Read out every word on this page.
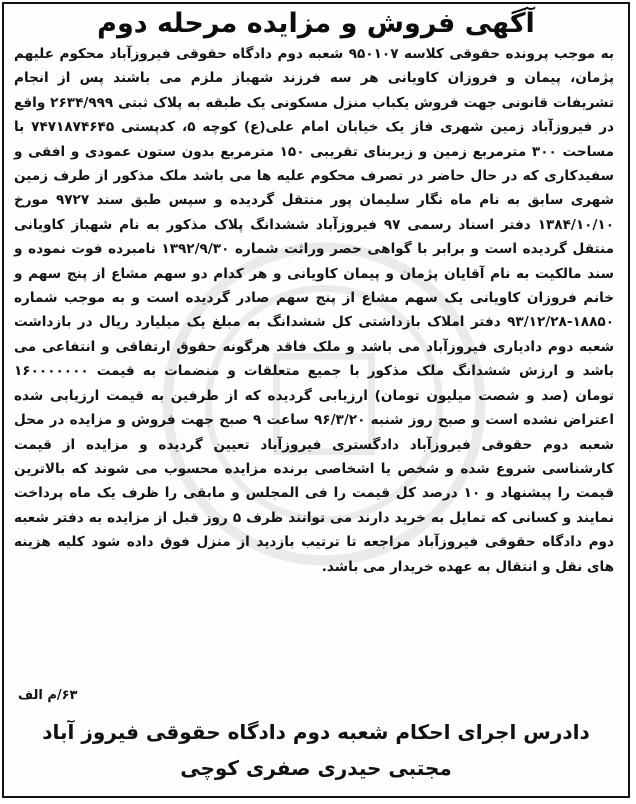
آگهی فروش و مزایده مرحله دوم

به موجب پرونده حقوقی کلاسه ۹۵۰۱۰۷ شعبه دوم دادگاه حقوقی فیروزآباد محکوم علیهم پژمان، پیمان و فروزان کاویانی هر سه فرزند شهباز ملزم می باشند پس از انجام تشریفات قانونی جهت فروش یکباب منزل مسکونی یک طبقه به پلاک ثبتی ۲۶۳۴/۹۹۹ واقع در فیروزآباد زمین شهری فاز یک خیابان امام علی(ع) کوچه ۵، کدپستی ۷۴۷۱۸۷۴۶۴۵ با مساحت ۳۰۰ مترمربع زمین و زیربنای تقریبی ۱۵۰ مترمربع بدون ستون عمودی و افقی و سفیدکاری که در حال حاضر در تصرف محکوم علیه ها می باشد ملک مذکور از طرف زمین شهری سابق به نام ماه نگار سلیمان پور منتقل گردیده و سپس طبق سند ۹۷۲۷ مورخ ۱۳۸۴/۱۰/۱۰ دفتر اسناد رسمی ۹۷ فیروزآباد ششدانگ پلاک مذکور به نام شهباز کاویانی منتقل گردیده است و برابر با گواهی حصر وراثت شماره ۱۳۹۲/۹/۳۰ نامبرده فوت نموده و سند مالکیت به نام آقایان پژمان و پیمان کاویانی و هر کدام دو سهم مشاع از پنج سهم و خانم فروزان کاویانی یک سهم مشاع از پنج سهم صادر گردیده است و به موجب شماره ۱۸۸۵۰-۹۳/۱۲/۲۸ دفتر املاک بازداشتی کل ششدانگ به مبلغ یک میلیارد ریال در بازداشت شعبه دوم دادیاری فیروزآباد می باشد و ملک فاقد هرگونه حقوق ارتفاقی و انتفاعی می باشد و ارزش ششدانگ ملک مذکور با جمیع متعلقات و منضمات به قیمت ۱۶۰۰۰۰۰۰۰ تومان (صد و شصت میلیون تومان) ارزیابی گردیده که از طرفین به قیمت ارزیابی شده اعتراض نشده است و صبح روز شنبه ۹۶/۳/۲۰ ساعت ۹ صبح جهت فروش و مزایده در محل شعبه دوم حقوقی فیروزآباد دادگستری فیروزآباد تعیین گردیده و مزایده از قیمت کارشناسی شروع شده و شخص یا اشخاصی برنده مزایده محسوب می شوند که بالاترین قیمت را پیشنهاد و ۱۰ درصد کل قیمت را فی المجلس و مابقی را ظرف یک ماه پرداخت نمایند و کسانی که تمایل به خرید دارند می توانند ظرف ۵ روز قبل از مزایده به دفتر شعبه دوم دادگاه حقوقی فیروزآباد مراجعه تا ترتیب بازدید از منزل فوق داده شود کلیه هزینه های نقل و انتقال به عهده خریدار می باشد.

۶۳/م الف
دادرس اجرای احکام شعبه دوم دادگاه حقوقی فیروز آباد
مجتبی حیدری صفری کوچی
